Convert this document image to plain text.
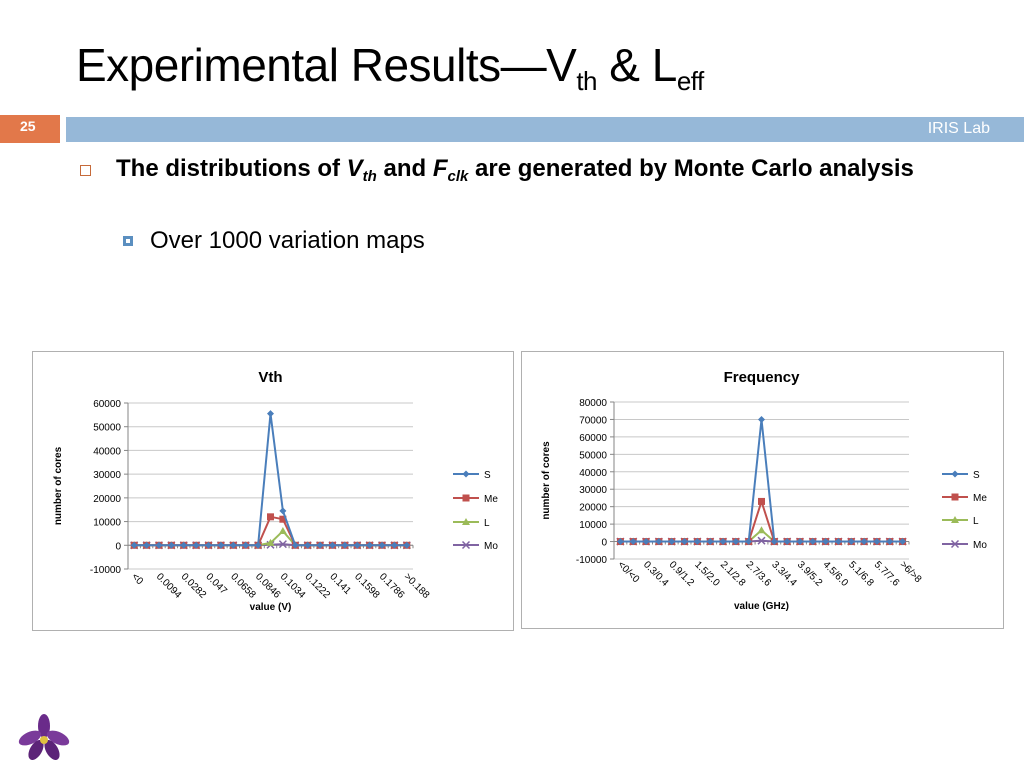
Experimental $Results—V_{th}$ & $L_{eff}$
IRIS Lab
25
The distributions of $V_{th}$ and $F_{clk}$ are generated by Monte Carlo analysis
Over 1000 variation maps
Vth
-10000
0
10000
20000
30000
40000
50000
60000
<0 0.0094
0.0282
0.047 0.0658
0.0846
0.1034
0.1222
0.141 0.1598
0.1786
>0.188
value (V)
number of cores	S
Me
L
Mo
Frequency
-10000
0
10000
20000
30000
40000
50000
60000
70000
80000
<0/<0 0.3/0.4
0.9/1.2
1.5/2.0
2.1/2.8
2.7/3.6
3.3/4.4
3.9/5.2
4.5/6.0
5.1/6.8
5.7/7.6
>6/>8
value (GHz)
number of cores	S
Me
L
Mo
